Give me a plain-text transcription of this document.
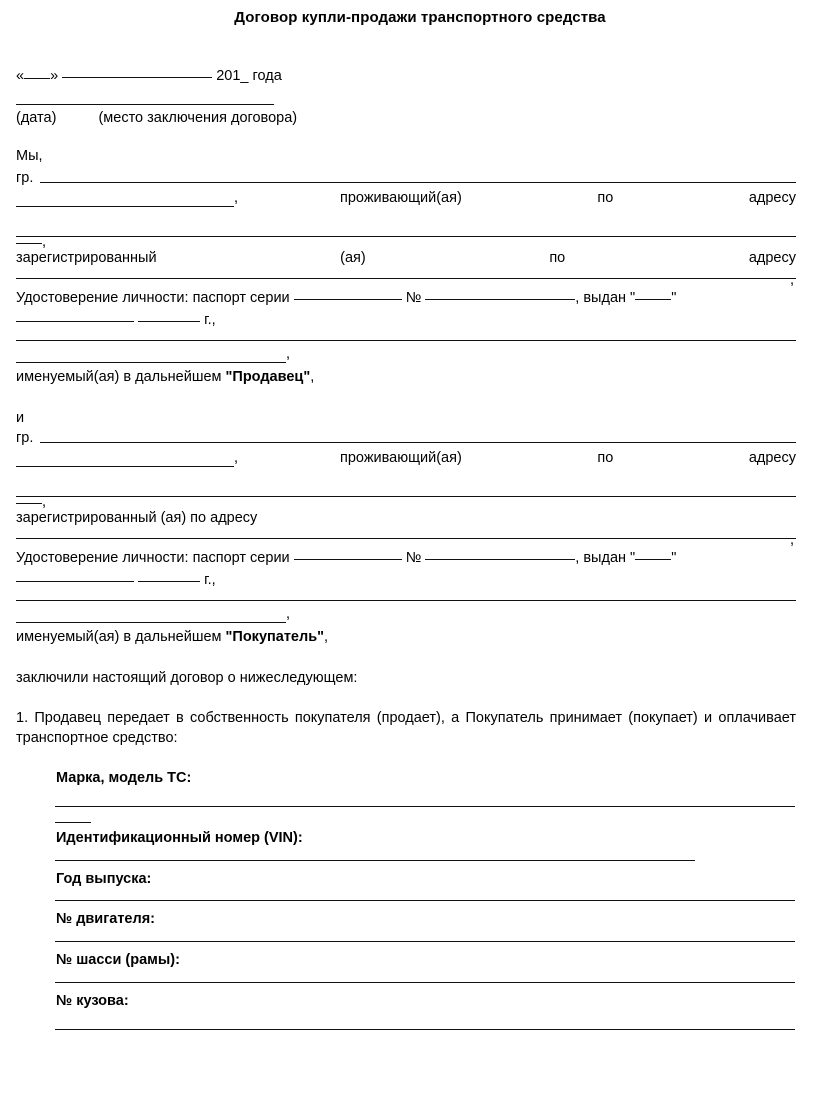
Договор купли-продажи транспортного средства
« »	201_ года
(дата)	(место заключения договора)
Мы,
гр.
,	проживающий(ая) по адресу
,
зарегистрированный (ая) по адресу
,
Удостоверение личности: паспорт серии	№	, выдан " "
г.,
,
именуемый(ая) в дальнейшем "Продавец",
и
гр.
,	проживающий(ая) по адресу
,
зарегистрированный (ая) по адресу
,
Удостоверение личности: паспорт серии	№	, выдан " "
г.,
,
именуемый(ая) в дальнейшем "Покупатель",
заключили настоящий договор о нижеследующем:
1. Продавец передает в собственность покупателя (продает), а Покупатель принимает (покупает) и оплачивает транспортное средство:
Марка, модель ТС:
Идентификационный номер (VIN):
Год выпуска:
№ двигателя:
№ шасси (рамы):
№ кузова:
